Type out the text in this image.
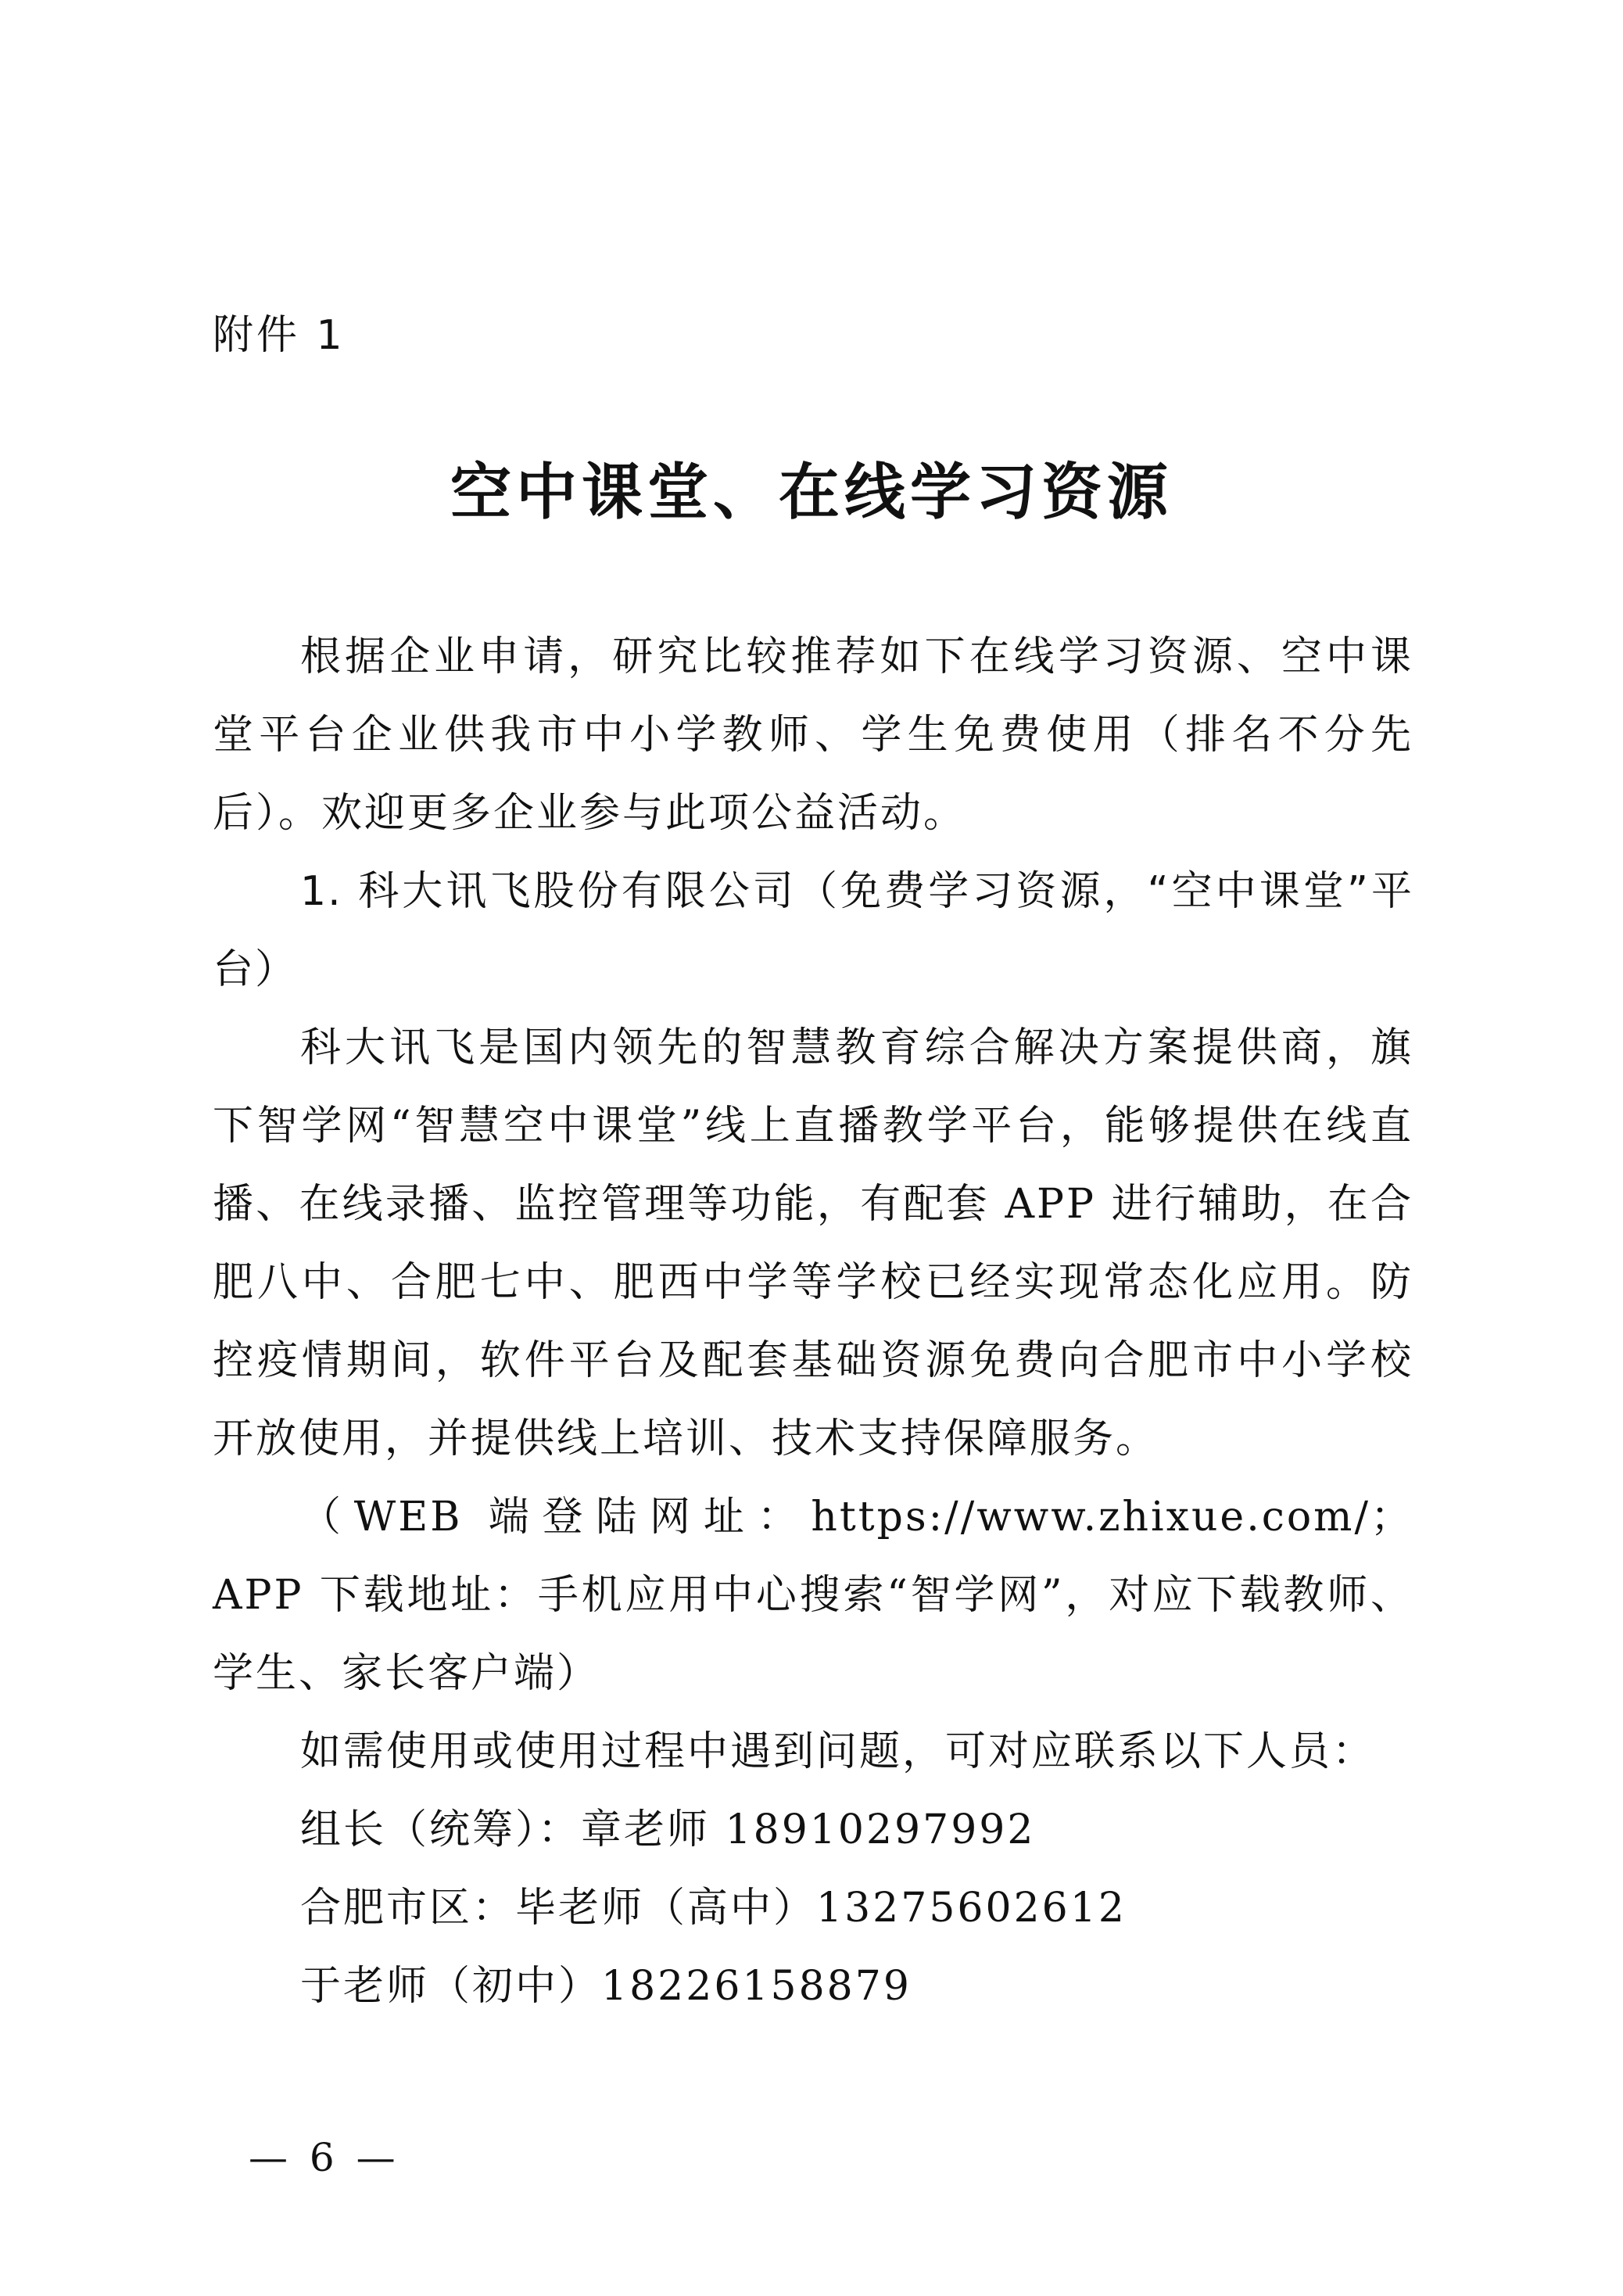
附件 1
空中课堂、在线学习资源

根据企业申请，研究比较推荐如下在线学习资源、空中课堂平台企业供我市中小学教师、学生免费使用（排名不分先后）。欢迎更多企业参与此项公益活动。

1. 科大讯飞股份有限公司（免费学习资源，“空中课堂”平台）

科大讯飞是国内领先的智慧教育综合解决方案提供商，旗下智学网“智慧空中课堂”线上直播教学平台，能够提供在线直播、在线录播、监控管理等功能，有配套 APP 进行辅助，在合肥八中、合肥七中、肥西中学等学校已经实现常态化应用。防控疫情期间，软件平台及配套基础资源免费向合肥市中小学校开放使用，并提供线上培训、技术支持保障服务。

（WEB 端登陆网址：https://www.zhixue.com/；APP 下载地址：手机应用中心搜索“智学网”，对应下载教师、学生、家长客户端）

如需使用或使用过程中遇到问题，可对应联系以下人员：
组长（统筹）：章老师 18910297992
合肥市区：毕老师（高中）13275602612
于老师（初中）18226158879
— 6 —
